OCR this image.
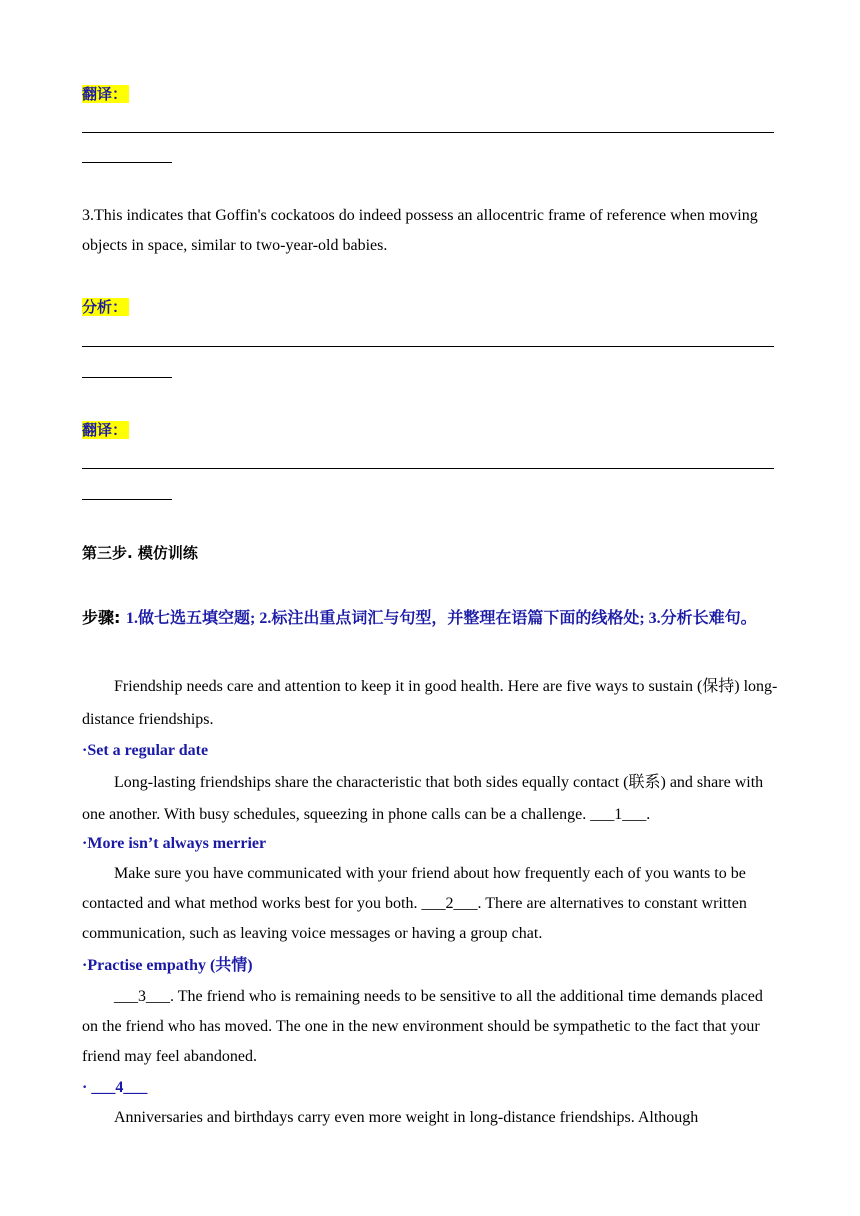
翻译：
3.This indicates that Goffin's cockatoos do indeed possess an allocentric frame of reference when moving objects in space, similar to two-year-old babies.
分析：
翻译：
第三步. 模仿训练
步骤: 1.做七选五填空题; 2.标注出重点词汇与句型，并整理在语篇下面的线格处; 3.分析长难句。
Friendship needs care and attention to keep it in good health. Here are five ways to sustain (保持) long-distance friendships.
·Set a regular date
Long-lasting friendships share the characteristic that both sides equally contact (联系) and share with one another. With busy schedules, squeezing in phone calls can be a challenge. ___1___.
·More isn’t always merrier
Make sure you have communicated with your friend about how frequently each of you wants to be contacted and what method works best for you both. ___2___. There are alternatives to constant written communication, such as leaving voice messages or having a group chat.
·Practise empathy (共情)
___3___. The friend who is remaining needs to be sensitive to all the additional time demands placed on the friend who has moved. The one in the new environment should be sympathetic to the fact that your friend may feel abandoned.
· ___4___
Anniversaries and birthdays carry even more weight in long-distance friendships. Although
